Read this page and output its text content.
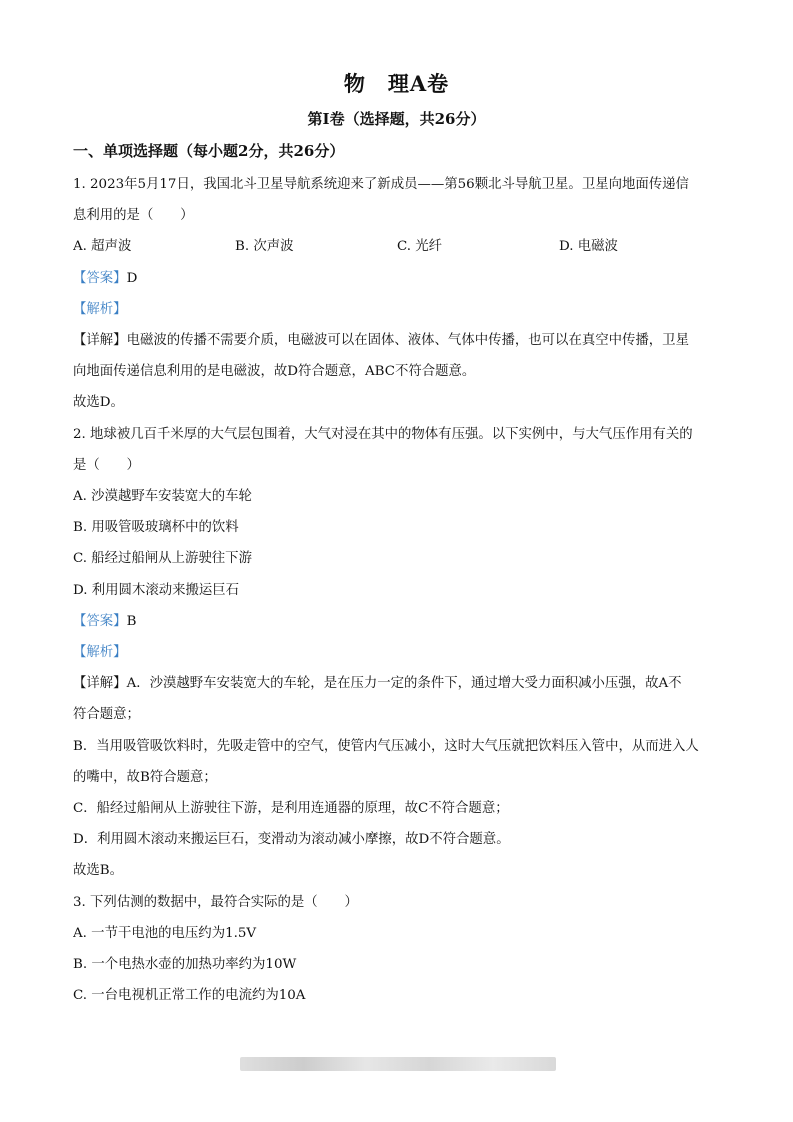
物　理A卷
第Ⅰ卷（选择题，共26分）
一、单项选择题（每小题2分，共26分）

1. 2023年5月17日，我国北斗卫星导航系统迎来了新成员——第56颗北斗导航卫星。卫星向地面传递信

息利用的是（　　）

A. 超声波	B. 次声波	C. 光纤	D. 电磁波

【答案】D

【解析】

【详解】电磁波的传播不需要介质，电磁波可以在固体、液体、气体中传播，也可以在真空中传播，卫星

向地面传递信息利用的是电磁波，故D符合题意，ABC不符合题意。

故选D。

2. 地球被几百千米厚的大气层包围着，大气对浸在其中的物体有压强。以下实例中，与大气压作用有关的

是（　　）

A. 沙漠越野车安装宽大的车轮

B. 用吸管吸玻璃杯中的饮料

C. 船经过船闸从上游驶往下游

D. 利用圆木滚动来搬运巨石

【答案】B

【解析】

【详解】A．沙漠越野车安装宽大的车轮，是在压力一定的条件下，通过增大受力面积减小压强，故A不

符合题意；

B．当用吸管吸饮料时，先吸走管中的空气，使管内气压减小，这时大气压就把饮料压入管中，从而进入人

的嘴中，故B符合题意；

C．船经过船闸从上游驶往下游，是利用连通器的原理，故C不符合题意；

D．利用圆木滚动来搬运巨石，变滑动为滚动减小摩擦，故D不符合题意。

故选B。

3. 下列估测的数据中，最符合实际的是（　　）

A. 一节干电池的电压约为1.5V

B. 一个电热水壶的加热功率约为10W

C. 一台电视机正常工作的电流约为10A
